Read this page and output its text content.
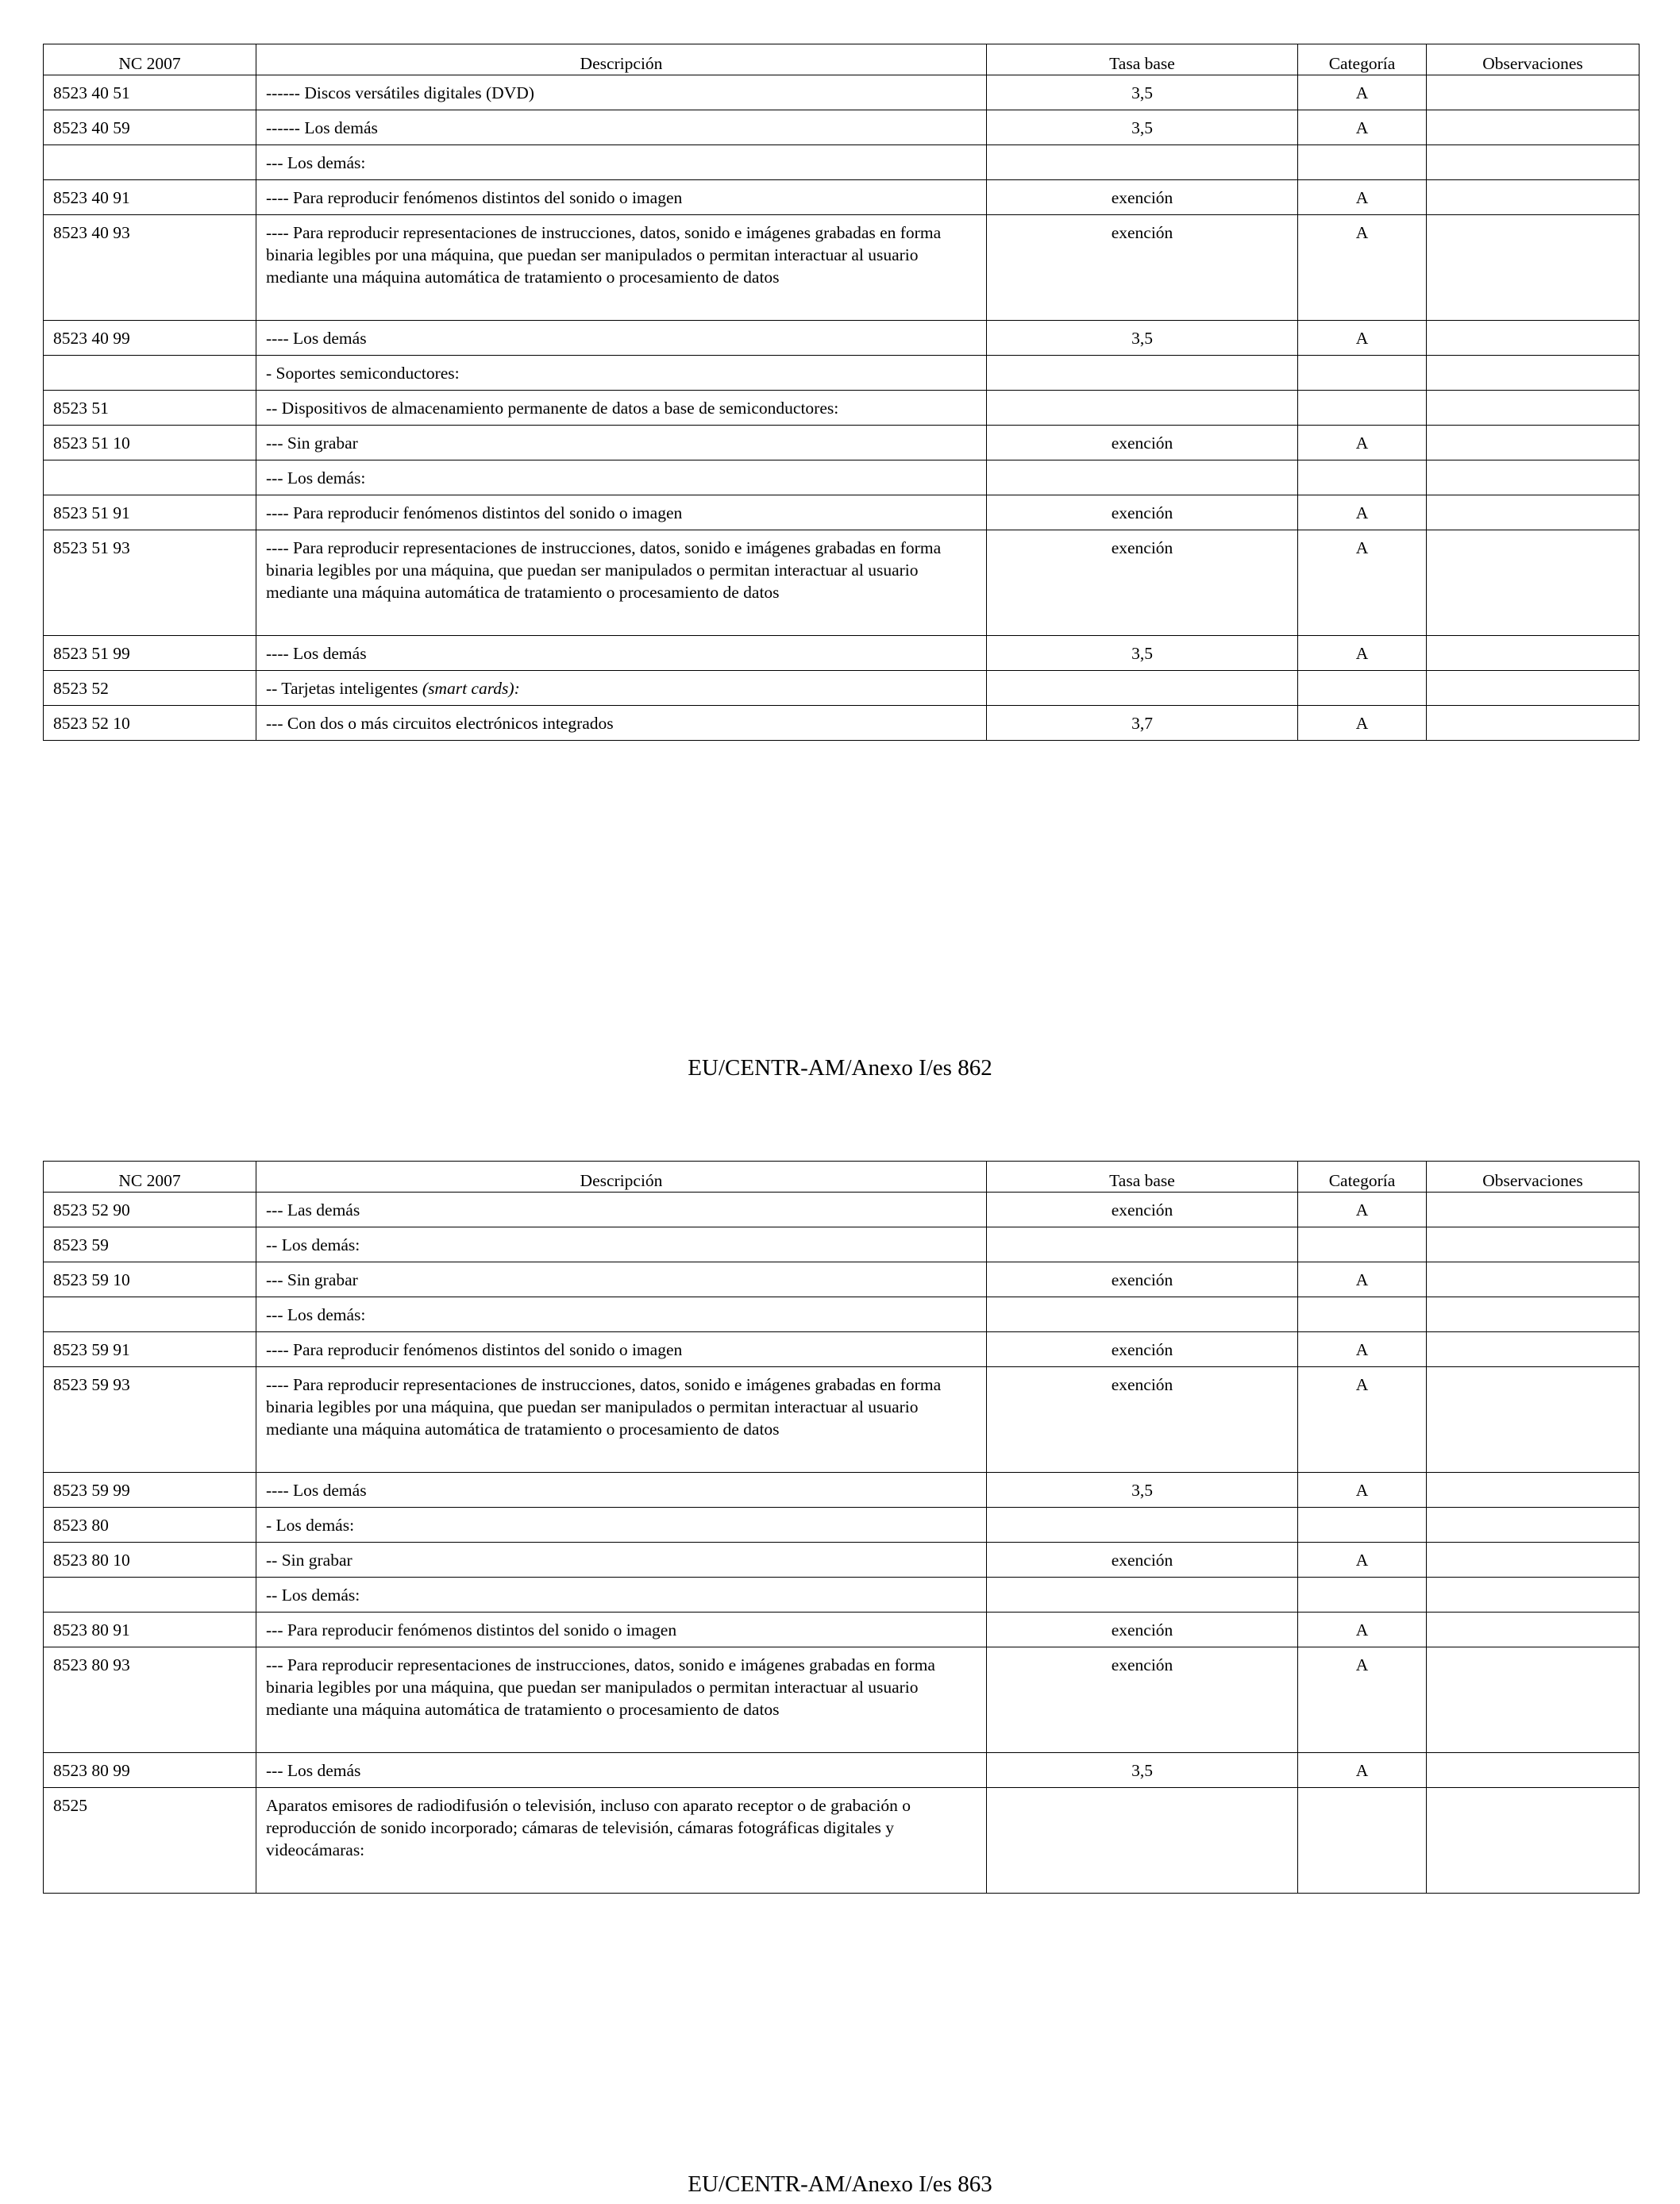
NC 2007	Descripción	Tasa base	Categoría	Observaciones
8523 40 51	------ Discos versátiles digitales (DVD)	3,5	A	
8523 40 59	------ Los demás	3,5	A	
	--- Los demás:			
8523 40 91	---- Para reproducir fenómenos distintos del sonido o imagen	exención	A	
8523 40 93	---- Para reproducir representaciones de instrucciones, datos, sonido e imágenes grabadas en forma binaria legibles por una máquina, que puedan ser manipulados o permitan interactuar al usuario mediante una máquina automática de tratamiento o procesamiento de datos	exención	A	
8523 40 99	---- Los demás	3,5	A	
	- Soportes semiconductores:			
8523 51	-- Dispositivos de almacenamiento permanente de datos a base de semiconductores:			
8523 51 10	--- Sin grabar	exención	A	
	--- Los demás:			
8523 51 91	---- Para reproducir fenómenos distintos del sonido o imagen	exención	A	
8523 51 93	---- Para reproducir representaciones de instrucciones, datos, sonido e imágenes grabadas en forma binaria legibles por una máquina, que puedan ser manipulados o permitan interactuar al usuario mediante una máquina automática de tratamiento o procesamiento de datos	exención	A	
8523 51 99	---- Los demás	3,5	A	
8523 52	-- Tarjetas inteligentes (smart cards):			
8523 52 10	--- Con dos o más circuitos electrónicos integrados	3,7	A	
EU/CENTR-AM/Anexo I/es 862
NC 2007	Descripción	Tasa base	Categoría	Observaciones
8523 52 90	--- Las demás	exención	A	
8523 59	-- Los demás:			
8523 59 10	--- Sin grabar	exención	A	
	--- Los demás:			
8523 59 91	---- Para reproducir fenómenos distintos del sonido o imagen	exención	A	
8523 59 93	---- Para reproducir representaciones de instrucciones, datos, sonido e imágenes grabadas en forma binaria legibles por una máquina, que puedan ser manipulados o permitan interactuar al usuario mediante una máquina automática de tratamiento o procesamiento de datos	exención	A	
8523 59 99	---- Los demás	3,5	A	
8523 80	- Los demás:			
8523 80 10	-- Sin grabar	exención	A	
	-- Los demás:			
8523 80 91	--- Para reproducir fenómenos distintos del sonido o imagen	exención	A	
8523 80 93	--- Para reproducir representaciones de instrucciones, datos, sonido e imágenes grabadas en forma binaria legibles por una máquina, que puedan ser manipulados o permitan interactuar al usuario mediante una máquina automática de tratamiento o procesamiento de datos	exención	A	
8523 80 99	--- Los demás	3,5	A	
8525	Aparatos emisores de radiodifusión o televisión, incluso con aparato receptor o de grabación o reproducción de sonido incorporado; cámaras de televisión, cámaras fotográficas digitales y videocámaras:			
EU/CENTR-AM/Anexo I/es 863
